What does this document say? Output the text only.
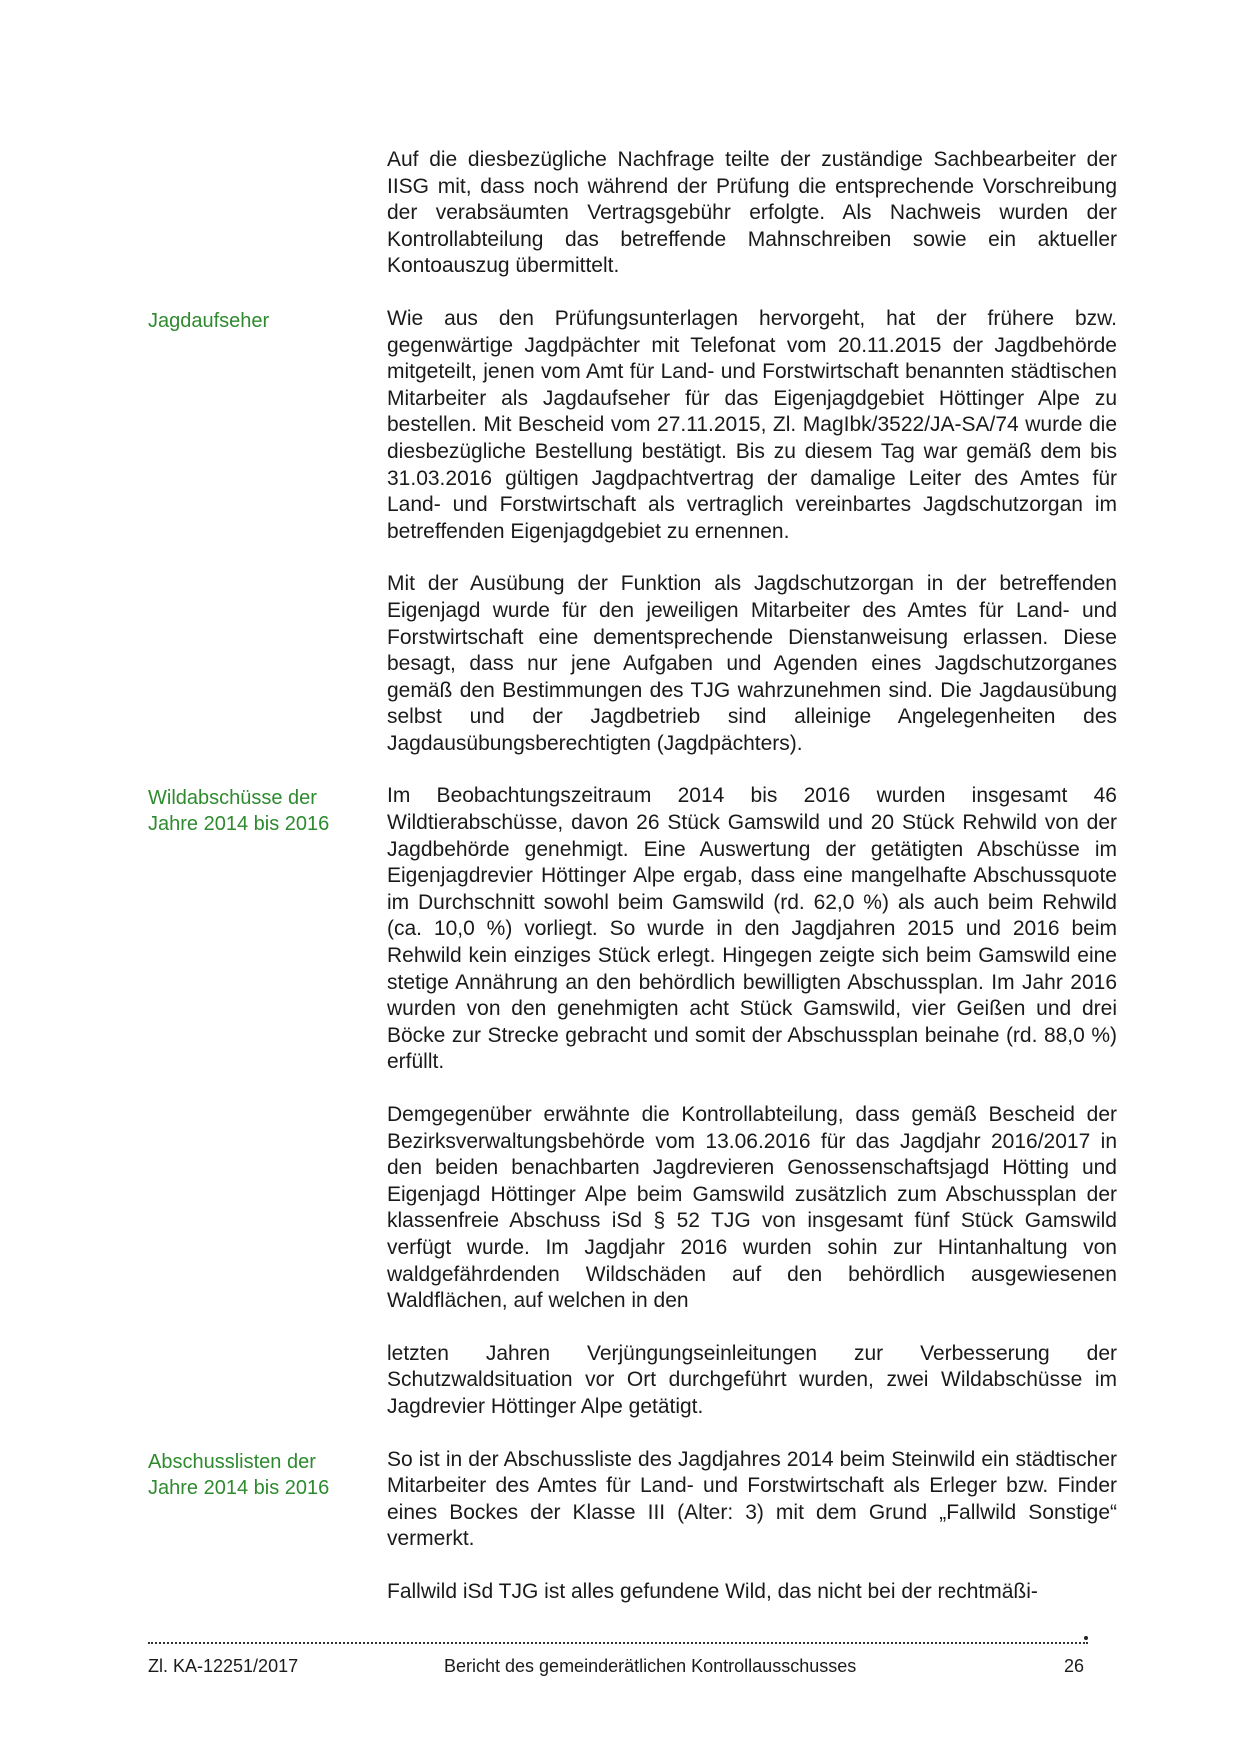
Auf die diesbezügliche Nachfrage teilte der zuständige Sachbearbeiter der IISG mit, dass noch während der Prüfung die entsprechende Vorschreibung der verabsäumten Vertragsgebühr erfolgte. Als Nachweis wurden der Kontrollabteilung das betreffende Mahnschreiben sowie ein aktueller Kontoauszug übermittelt.

Jagdaufseher	Wie aus den Prüfungsunterlagen hervorgeht, hat der frühere bzw. gegenwärtige Jagdpächter mit Telefonat vom 20.11.2015 der Jagdbehörde mitgeteilt, jenen vom Amt für Land- und Forstwirtschaft benannten städtischen Mitarbeiter als Jagdaufseher für das Eigenjagdgebiet Höttinger Alpe zu bestellen. Mit Bescheid vom 27.11.2015, Zl. MagIbk/3522/JA-SA/74 wurde die diesbezügliche Bestellung bestätigt. Bis zu diesem Tag war gemäß dem bis 31.03.2016 gültigen Jagdpachtvertrag der damalige Leiter des Amtes für Land- und Forstwirtschaft als vertraglich vereinbartes Jagdschutzorgan im betreffenden Eigenjagdgebiet zu ernennen.

Mit der Ausübung der Funktion als Jagdschutzorgan in der betreffenden Eigenjagd wurde für den jeweiligen Mitarbeiter des Amtes für Land- und Forstwirtschaft eine dementsprechende Dienstanweisung erlassen. Diese besagt, dass nur jene Aufgaben und Agenden eines Jagdschutzorganes gemäß den Bestimmungen des TJG wahrzunehmen sind. Die Jagdausübung selbst und der Jagdbetrieb sind alleinige Angelegenheiten des Jagdausübungsberechtigten (Jagdpächters).

Wildabschüsse der
Jahre 2014 bis 2016

Im Beobachtungszeitraum 2014 bis 2016 wurden insgesamt 46 Wildtierabschüsse, davon 26 Stück Gamswild und 20 Stück Rehwild von der Jagdbehörde genehmigt. Eine Auswertung der getätigten Abschüsse im Eigenjagdrevier Höttinger Alpe ergab, dass eine mangelhafte Abschussquote im Durchschnitt sowohl beim Gamswild (rd. 62,0 %) als auch beim Rehwild (ca. 10,0 %) vorliegt. So wurde in den Jagdjahren 2015 und 2016 beim Rehwild kein einziges Stück erlegt. Hingegen zeigte sich beim Gamswild eine stetige Annährung an den behördlich bewilligten Abschussplan. Im Jahr 2016 wurden von den genehmigten acht Stück Gamswild, vier Geißen und drei Böcke zur Strecke gebracht und somit der Abschussplan beinahe (rd. 88,0 %) erfüllt.

Demgegenüber erwähnte die Kontrollabteilung, dass gemäß Bescheid der Bezirksverwaltungsbehörde vom 13.06.2016 für das Jagdjahr 2016/2017 in den beiden benachbarten Jagdrevieren Genossenschaftsjagd Hötting und Eigenjagd Höttinger Alpe beim Gamswild zusätzlich zum Abschussplan der klassenfreie Abschuss iSd § 52 TJG von insgesamt fünf Stück Gamswild verfügt wurde. Im Jagdjahr 2016 wurden sohin zur Hintanhaltung von waldgefährdenden Wildschäden auf den behördlich ausgewiesenen Waldflächen, auf welchen in den

letzten Jahren Verjüngungseinleitungen zur Verbesserung der Schutzwaldsituation vor Ort durchgeführt wurden, zwei Wildabschüsse im Jagdrevier Höttinger Alpe getätigt.

Abschusslisten der
Jahre 2014 bis 2016

So ist in der Abschussliste des Jagdjahres 2014 beim Steinwild ein städtischer Mitarbeiter des Amtes für Land- und Forstwirtschaft als Erleger bzw. Finder eines Bockes der Klasse III (Alter: 3) mit dem Grund „Fallwild Sonstige“ vermerkt.

Fallwild iSd TJG ist alles gefundene Wild, das nicht bei der rechtmäßi-

Zl. KA-12251/2017	Bericht des gemeinderätlichen Kontrollausschusses	26
